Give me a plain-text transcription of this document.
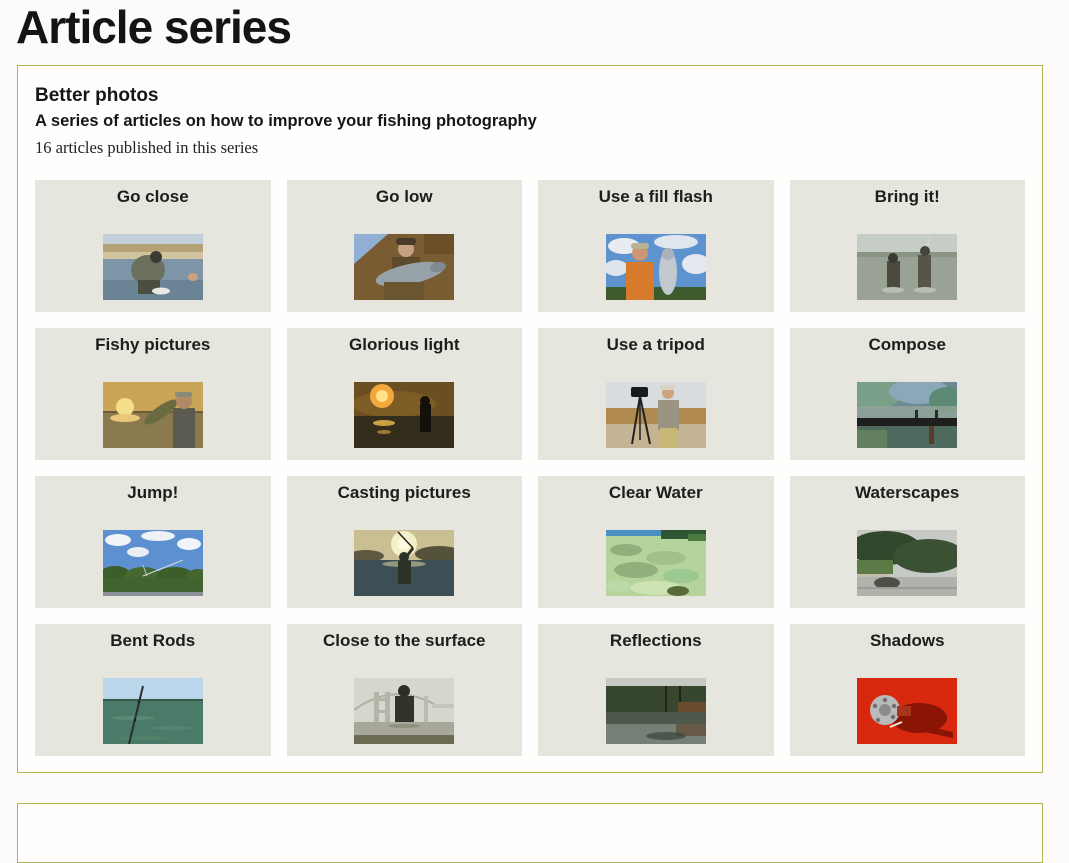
Article series
Better photos

A series of articles on how to improve your fishing photography

16 articles published in this series

Go close	Go low	Use a fill flash	Bring it!
Fishy pictures	Glorious light	Use a tripod	Compose
Jump!	Casting pictures	Clear Water	Waterscapes
Bent Rods	Close to the surface	Reflections	Shadows
